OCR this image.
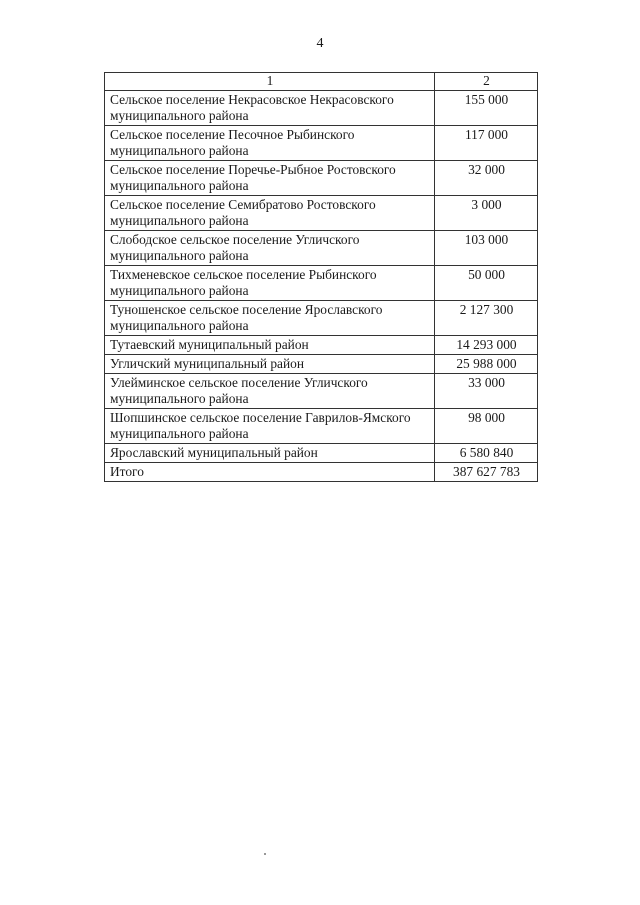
4
1	2
Сельское поселение Некрасовское Некрасовского муниципального района	155 000
Сельское поселение Песочное Рыбинского муниципального района	117 000
Сельское поселение Поречье-Рыбное Ростовского муниципального района	32 000
Сельское поселение Семибратово Ростовского муниципального района	3 000
Слободское сельское поселение Угличского муниципального района	103 000
Тихменевское сельское поселение Рыбинского муниципального района	50 000
Туношенское сельское поселение Ярославского муниципального района	2 127 300
Тутаевский муниципальный район	14 293 000
Угличский муниципальный район	25 988 000
Улейминское сельское поселение Угличского муниципального района	33 000
Шопшинское сельское поселение Гаврилов-Ямского муниципального района	98 000
Ярославский муниципальный район	6 580 840
Итого	387 627 783
